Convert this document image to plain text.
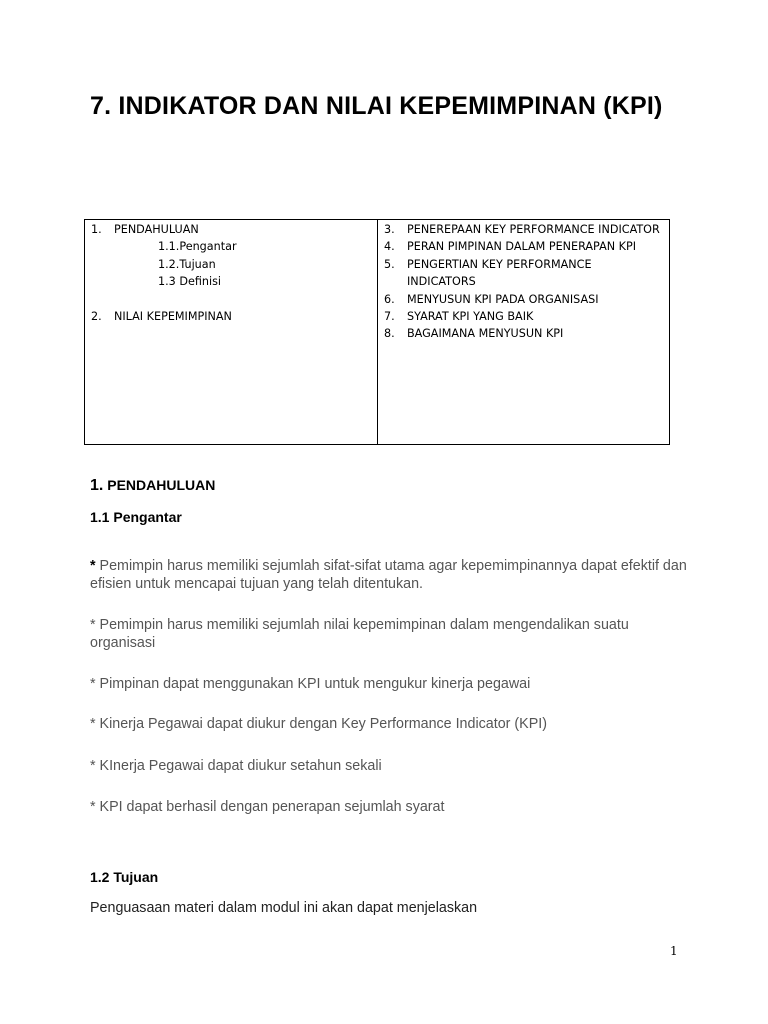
7. INDIKATOR DAN NILAI KEPEMIMPINAN (KPI)
1.	PENDAHULUAN
1.1.Pengantar
1.2.Tujuan
1.3 Definisi
2.	NILAI KEPEMIMPINAN
3.	PENEREPAAN KEY PERFORMANCE INDICATOR
4.	PERAN PIMPINAN DALAM PENERAPAN KPI
5.	PENGERTIAN KEY PERFORMANCE
INDICATORS
6.	MENYUSUN KPI PADA ORGANISASI
7.	SYARAT KPI YANG BAIK
8.	BAGAIMANA MENYUSUN KPI
1. PENDAHULUAN
1.1 Pengantar

* Pemimpin harus memiliki sejumlah sifat-sifat utama agar kepemimpinannya dapat efektif dan efisien untuk mencapai tujuan yang telah ditentukan.

* Pemimpin harus memiliki sejumlah nilai kepemimpinan dalam mengendalikan suatu organisasi

* Pimpinan dapat menggunakan KPI untuk mengukur kinerja pegawai

* Kinerja Pegawai dapat diukur dengan Key Performance Indicator (KPI)

* KInerja Pegawai dapat diukur setahun sekali

* KPI dapat berhasil dengan penerapan sejumlah syarat

1.2 Tujuan

Penguasaan materi dalam modul ini akan dapat menjelaskan

1
